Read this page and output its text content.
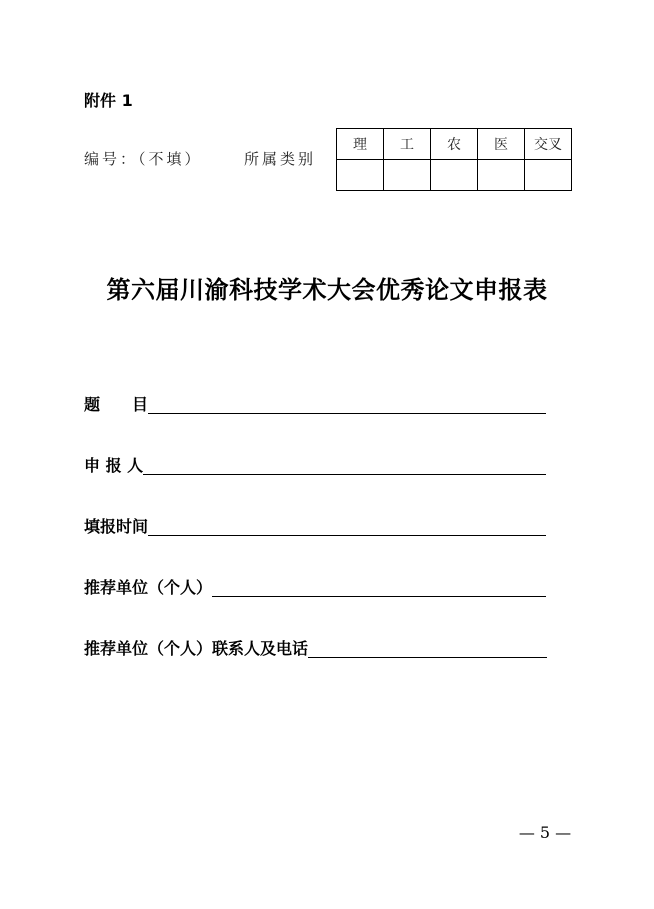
附件 1
编号：（不填）	所属类别
理	工	农	医	交叉

第六届川渝科技学术大会优秀论文申报表
题　　目
申 报 人
填报时间
推荐单位（个人）
推荐单位（个人）联系人及电话
— 5 —
